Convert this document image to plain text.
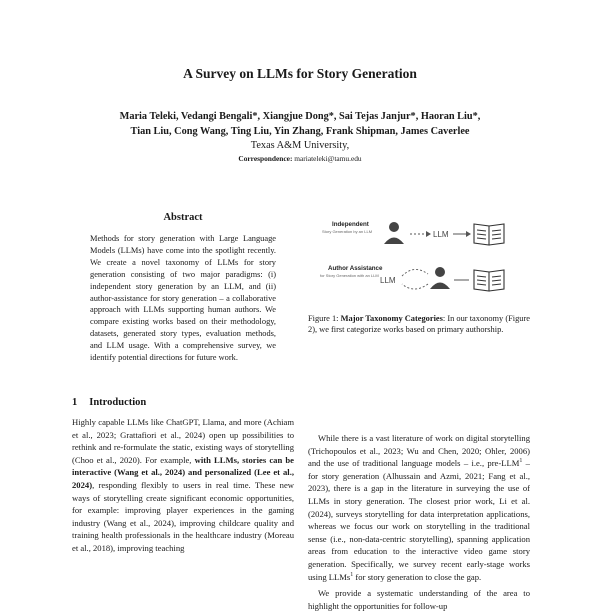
A Survey on LLMs for Story Generation
Maria Teleki, Vedangi Bengali*, Xiangjue Dong*, Sai Tejas Janjur*, Haoran Liu*,
Tian Liu, Cong Wang, Ting Liu, Yin Zhang, Frank Shipman, James Caverlee
Texas A&M University,
Correspondence: mariateleki@tamu.edu
Abstract
Methods for story generation with Large Language Models (LLMs) have come into the spotlight recently. We create a novel taxonomy of LLMs for story generation consisting of two major paradigms: (i) independent story generation by an LLM, and (ii) author-assistance for story generation – a collaborative approach with LLMs supporting human authors. We compare existing works based on their methodology, datasets, generated story types, evaluation methods, and LLM usage. With a comprehensive survey, we identify potential directions for future work.
Independent
Story Generation by an LLM	LLM
Author Assistance
for Story Generation with an LLM
LLM
Figure 1: Major Taxonomy Categories: In our taxonomy (Figure 2), we first categorize works based on primary authorship.
1 Introduction

Highly capable LLMs like ChatGPT, Llama, and more (Achiam et al., 2023; Grattafiori et al., 2024) open up possibilities to rethink and re-formulate the static, existing ways of storytelling (Choo et al., 2020). For example, with LLMs, stories can be interactive (Wang et al., 2024) and personalized (Lee et al., 2024), responding flexibly to users in real time. These new ways of storytelling create significant economic opportunities, for example: improving player experiences in the gaming industry (Wang et al., 2024), improving childcare quality and training health professionals in the healthcare industry (Moreau et al., 2018), improving teaching

While there is a vast literature of work on digital storytelling (Trichopoulos et al., 2023; Wu and Chen, 2020; Ohler, 2006) and the use of traditional language models – i.e., pre-LLM$^1$ – for story generation (Alhussain and Azmi, 2021; Fang et al., 2023), there is a gap in the literature in surveying the use of LLMs in story generation. The closest prior work, Li et al. (2024), surveys storytelling for data interpretation applications, whereas we focus our work on storytelling in the traditional sense (i.e., non-data-centric storytelling), spanning application areas from education to the interactive video game story generation. Specifically, we survey recent early-stage works using LLMs$^1$ for story generation to close the gap.

We provide a systematic understanding of the area to highlight the opportunities for follow-up
